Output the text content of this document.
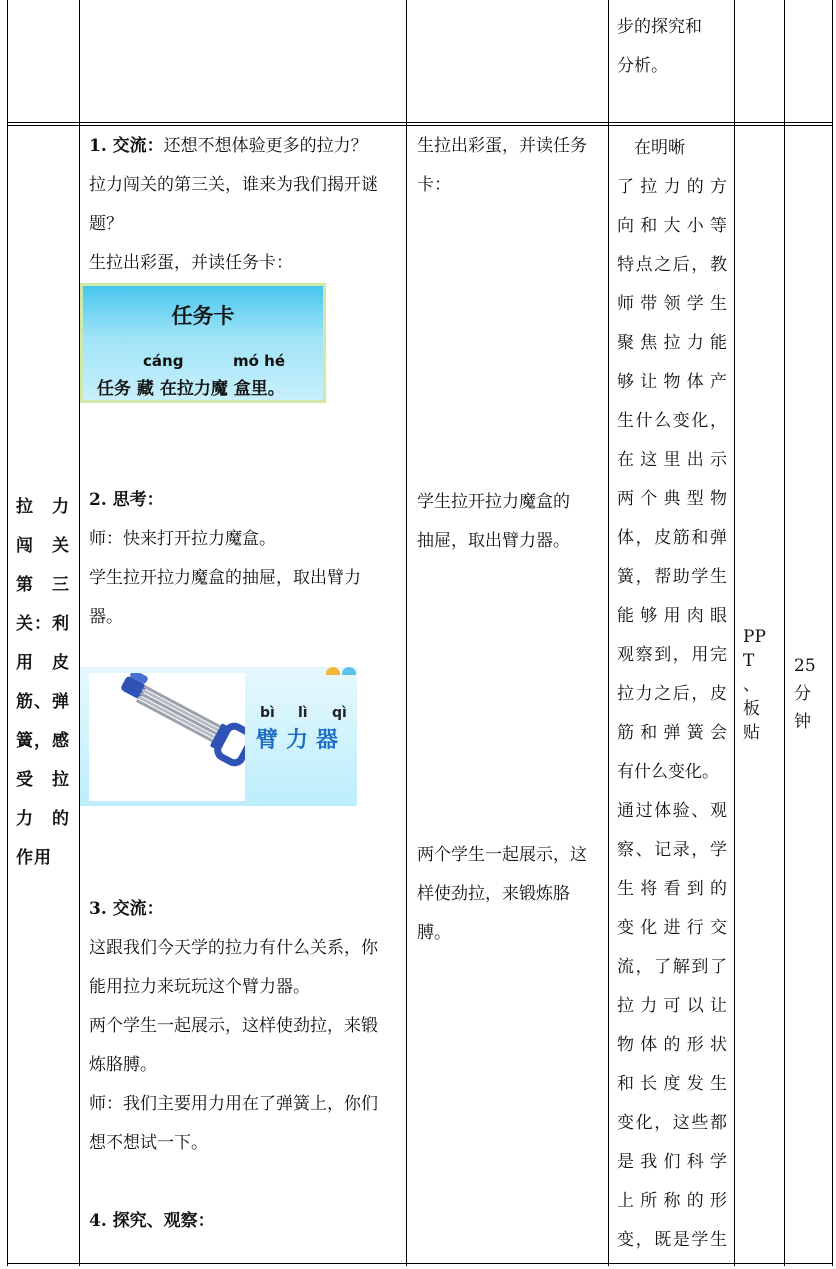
步的探究和

分析。

拉　力

闯　关

第　三

关：利

用　皮

筋、弹

簧，感

受　拉

力　的

作用

1. 交流：还想不想体验更多的拉力？

拉力闯关的第三关，谁来为我们揭开谜

题？

生拉出彩蛋，并读任务卡：

任务卡
cáng	mó hé
任务 藏 在拉力魔 盒里。

2. 思考：

师：快来打开拉力魔盒。

学生拉开拉力魔盒的抽屉，取出臂力

器。

bì lì qì
臂力器

3. 交流：

这跟我们今天学的拉力有什么关系，你

能用拉力来玩玩这个臂力器。

两个学生一起展示，这样使劲拉，来锻

炼胳膊。

师：我们主要用力用在了弹簧上，你们

想不想试一下。

4. 探究、观察：

生拉出彩蛋，并读任务

卡：

学生拉开拉力魔盒的

抽屉，取出臂力器。

两个学生一起展示，这

样使劲拉，来锻炼胳

膊。

　在明晰

了拉力的方

向和大小等

特点之后，教

师带领学生

聚焦拉力能

够让物体产

生什么变化，

在这里出示

两个典型物

体，皮筋和弹

簧，帮助学生

能够用肉眼

观察到，用完

拉力之后，皮

筋和弹簧会

有什么变化。

通过体验、观

察、记录，学

生将看到的

变化进行交

流，了解到了

拉力可以让

物体的形状

和长度发生

变化，这些都

是我们科学

上所称的形

变，既是学生

PP

T

、

板

贴

25

分

钟
